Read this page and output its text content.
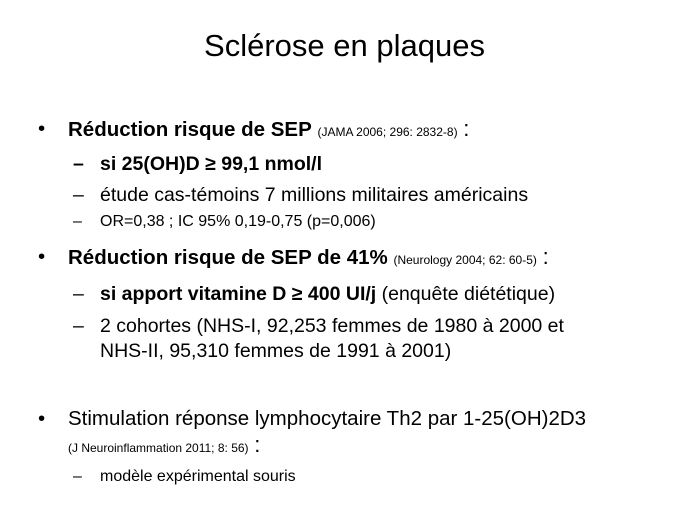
Sclérose en plaques
• Réduction risque de SEP (JAMA 2006; 296: 2832-8) :
– si 25(OH)D ≥ 99,1 nmol/l
– étude cas-témoins 7 millions militaires américains
– OR=0,38 ; IC 95% 0,19-0,75 (p=0,006)
• Réduction risque de SEP de 41% (Neurology 2004; 62: 60-5) :
– si apport vitamine D ≥ 400 UI/j (enquête diététique)
– 2 cohortes (NHS-I, 92,253 femmes de 1980 à 2000 et
NHS-II, 95,310 femmes de 1991 à 2001)
• Stimulation réponse lymphocytaire Th2 par 1-25(OH)2D3
(J Neuroinflammation 2011; 8: 56) :
– modèle expérimental souris
